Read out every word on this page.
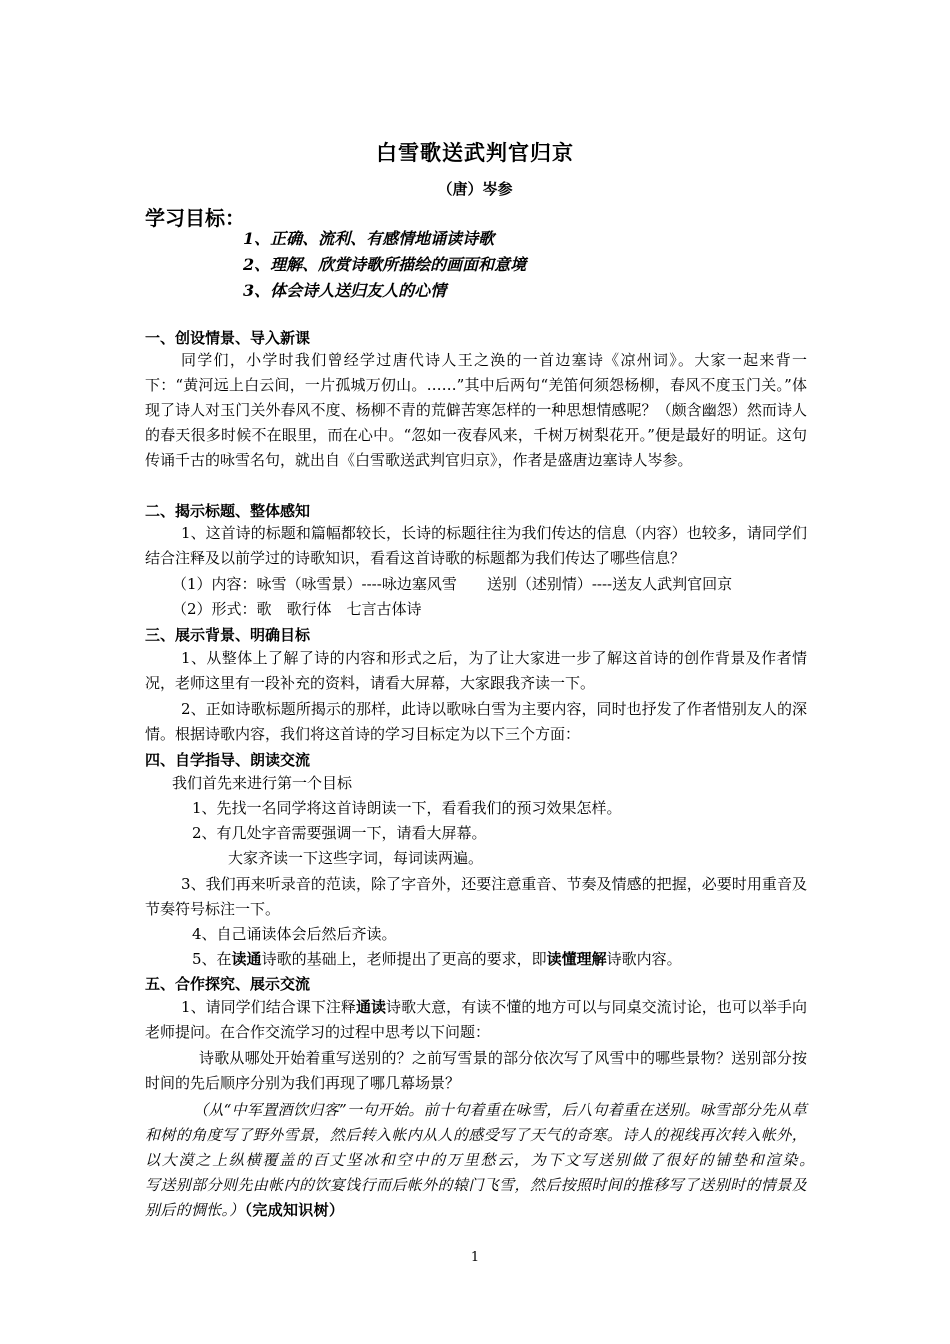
白雪歌送武判官归京

（唐）岑参

学习目标：

1、正确、流利、有感情地诵读诗歌

2、理解、欣赏诗歌所描绘的画面和意境

3、体会诗人送归友人的心情

一、创设情景、导入新课

同学们，小学时我们曾经学过唐代诗人王之涣的一首边塞诗《凉州词》。大家一起来背一下：“黄河远上白云间，一片孤城万仞山。……”其中后两句“羌笛何须怨杨柳，春风不度玉门关。”体现了诗人对玉门关外春风不度、杨柳不青的荒僻苦寒怎样的一种思想情感呢？（颇含幽怨）然而诗人的春天很多时候不在眼里，而在心中。“忽如一夜春风来，千树万树梨花开。”便是最好的明证。这句传诵千古的咏雪名句，就出自《白雪歌送武判官归京》，作者是盛唐边塞诗人岑参。

二、揭示标题、整体感知

1、这首诗的标题和篇幅都较长，长诗的标题往往为我们传达的信息（内容）也较多，请同学们结合注释及以前学过的诗歌知识，看看这首诗歌的标题都为我们传达了哪些信息？

（1）内容：咏雪（咏雪景）----咏边塞风雪　　送别（述别情）----送友人武判官回京

（2）形式：歌　歌行体　七言古体诗

三、展示背景、明确目标

1、从整体上了解了诗的内容和形式之后，为了让大家进一步了解这首诗的创作背景及作者情况，老师这里有一段补充的资料，请看大屏幕，大家跟我齐读一下。

2、正如诗歌标题所揭示的那样，此诗以歌咏白雪为主要内容，同时也抒发了作者惜别友人的深情。根据诗歌内容，我们将这首诗的学习目标定为以下三个方面：

四、自学指导、朗读交流

我们首先来进行第一个目标

1、先找一名同学将这首诗朗读一下，看看我们的预习效果怎样。

2、有几处字音需要强调一下，请看大屏幕。

大家齐读一下这些字词，每词读两遍。

3、我们再来听录音的范读，除了字音外，还要注意重音、节奏及情感的把握，必要时用重音及节奏符号标注一下。

4、自己诵读体会后然后齐读。

5、在读通诗歌的基础上，老师提出了更高的要求，即读懂理解诗歌内容。

五、合作探究、展示交流

1、请同学们结合课下注释通读诗歌大意，有读不懂的地方可以与同桌交流讨论，也可以举手向老师提问。在合作交流学习的过程中思考以下问题：

诗歌从哪处开始着重写送别的？之前写雪景的部分依次写了风雪中的哪些景物？送别部分按时间的先后顺序分别为我们再现了哪几幕场景？

（从“中军置酒饮归客”一句开始。前十句着重在咏雪，后八句着重在送别。咏雪部分先从草和树的角度写了野外雪景，然后转入帐内从人的感受写了天气的奇寒。诗人的视线再次转入帐外，以大漠之上纵横覆盖的百丈坚冰和空中的万里愁云，为下文写送别做了很好的铺垫和渲染。　　　写送别部分则先由帐内的饮宴饯行而后帐外的辕门飞雪，然后按照时间的推移写了送别时的情景及别后的惆怅。）（完成知识树）

1
